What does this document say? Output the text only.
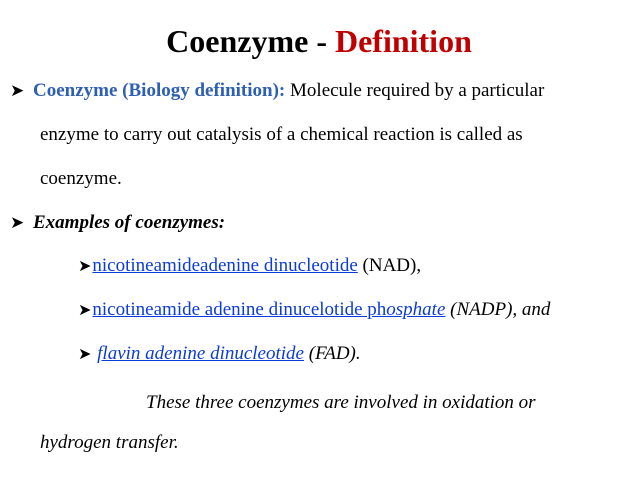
Coenzyme - Definition
➤ Coenzyme (Biology definition): Molecule required by a particular
enzyme to carry out catalysis of a chemical reaction is called as
coenzyme.
➤ Examples of coenzymes:
➤nicotineamideadenine dinucleotide (NAD),
➤nicotineamide adenine dinucelotide phosphate (NADP), and
➤ flavin adenine dinucleotide (FAD).
These three coenzymes are involved in oxidation or
hydrogen transfer.
